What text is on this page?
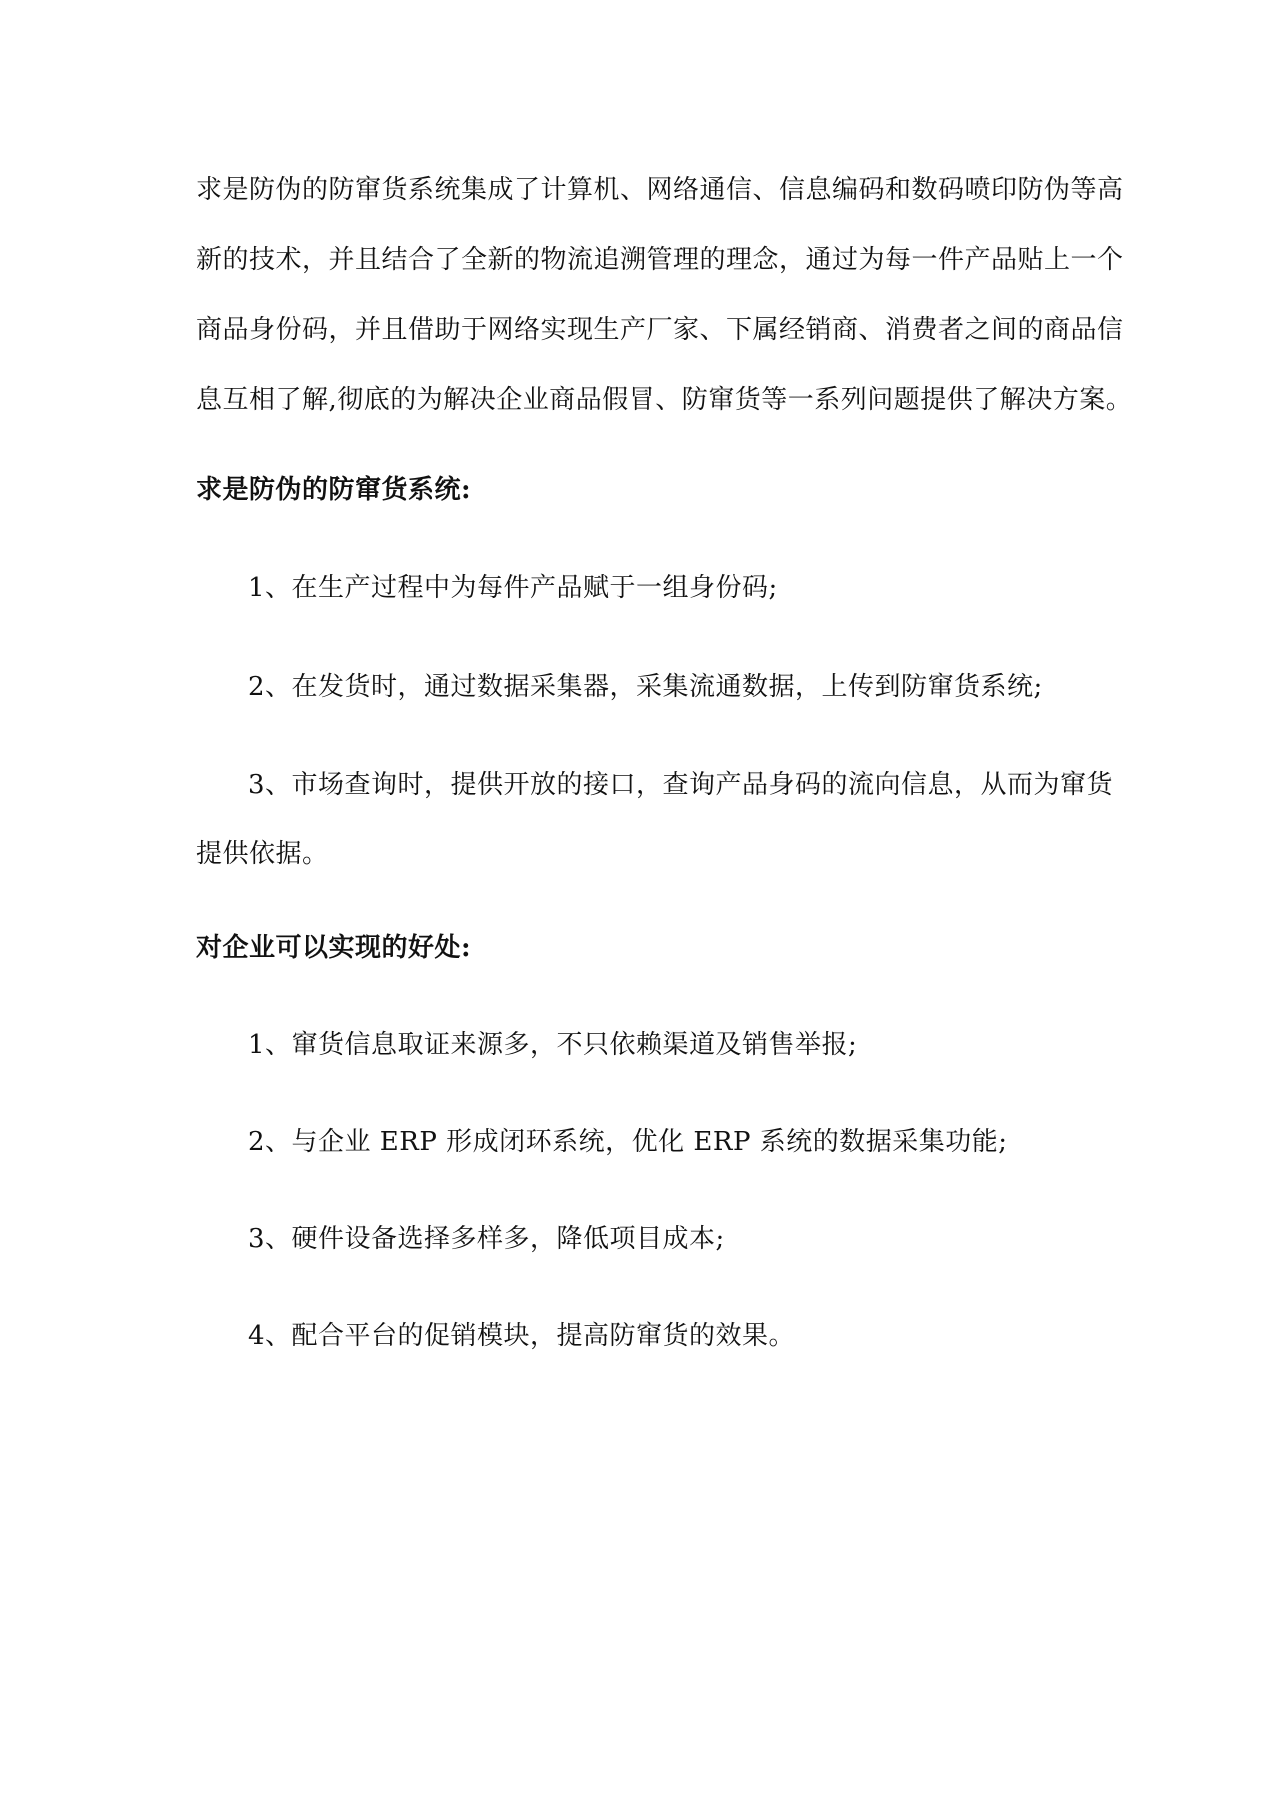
求是防伪的防窜货系统集成了计算机、网络通信、信息编码和数码喷印防伪等高
新的技术，并且结合了全新的物流追溯管理的理念，通过为每一件产品贴上一个
商品身份码，并且借助于网络实现生产厂家、下属经销商、消费者之间的商品信
息互相了解,彻底的为解决企业商品假冒、防窜货等一系列问题提供了解决方案。
求是防伪的防窜货系统:
1、在生产过程中为每件产品赋于一组身份码;
2、在发货时，通过数据采集器，采集流通数据，上传到防窜货系统;
3、市场查询时，提供开放的接口，查询产品身码的流向信息，从而为窜货
提供依据。
对企业可以实现的好处:
1、窜货信息取证来源多，不只依赖渠道及销售举报;
2、与企业 ERP 形成闭环系统，优化 ERP 系统的数据采集功能;
3、硬件设备选择多样多，降低项目成本;
4、配合平台的促销模块，提高防窜货的效果。
